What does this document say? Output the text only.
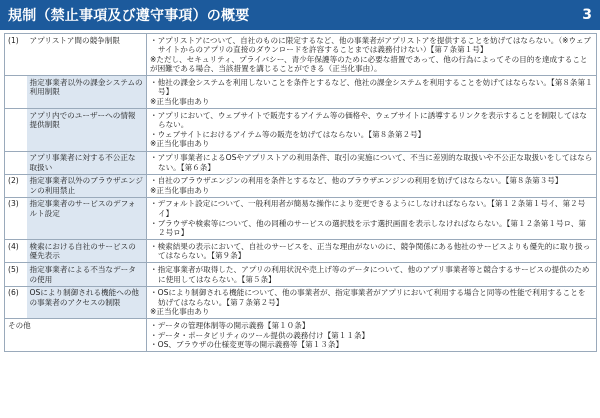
規制（禁止事項及び遵守事項）の概要	3
(1)	アプリストア間の競争制限	・アプリストアについて、自社のものに限定するなど、他の事業者がアプリストアを提供することを妨げてはならない。（※ウェブサイトからのアプリの直接のダウンロードを許容することまでは義務付けない）【第７条第１号】
※ただし、セキュリティ、プライバシー、青少年保護等のために必要な措置であって、他の行為によってその目的を達成することが困難である場合、当該措置を講じることができる（正当化事由）。

	指定事業者以外の課金システムの利用制限	・他社の課金システムを利用しないことを条件とするなど、他社の課金システムを利用することを妨げてはならない。【第８条第１号】
※正当化事由あり

	アプリ内でのユーザーへの情報提供制限	・アプリにおいて、ウェブサイトで販売するアイテム等の価格や、ウェブサイトに誘導するリンクを表示することを制限してはならない。
・ウェブサイトにおけるアイテム等の販売を妨げてはならない。【第８条第２号】
※正当化事由あり

	アプリ事業者に対する不公正な取扱い	・アプリ事業者によるOSやアプリストアの利用条件、取引の実施について、不当に差別的な取扱いや不公正な取扱いをしてはならない。【第６条】

(2)	指定事業者以外のブラウザエンジンの利用禁止	・自社のブラウザエンジンの利用を条件とするなど、他のブラウザエンジンの利用を妨げてはならない。【第８条第３号】
※正当化事由あり

(3)	指定事業者のサービスのデフォルト設定	・デフォルト設定について、一般利用者が簡易な操作により変更できるようにしなければならない。【第１２条第１号イ、第２号イ】
・ブラウザや検索等について、他の同種のサービスの選択肢を示す選択画面を表示しなければならない。【第１２条第１号ロ、第２号ロ】

(4)	検索における自社のサービスの優先表示	・検索結果の表示において、自社のサービスを、正当な理由がないのに、競争関係にある他社のサービスよりも優先的に取り扱ってはならない。【第９条】

(5)	指定事業者による不当なデータの使用	・指定事業者が取得した、アプリの利用状況や売上げ等のデータについて、他のアプリ事業者等と競合するサービスの提供のために使用してはならない。【第５条】

(6)	OSにより制御される機能への他の事業者のアクセスの制限	・OSにより制御される機能について、他の事業者が、指定事業者がアプリにおいて利用する場合と同等の性能で利用することを妨げてはならない。【第７条第２号】
※正当化事由あり

その他		・データの管理体制等の開示義務【第１０条】
・データ・ポータビリティのツール提供の義務付け【第１１条】
・OS、ブラウザの仕様変更等の開示義務等【第１３条】
